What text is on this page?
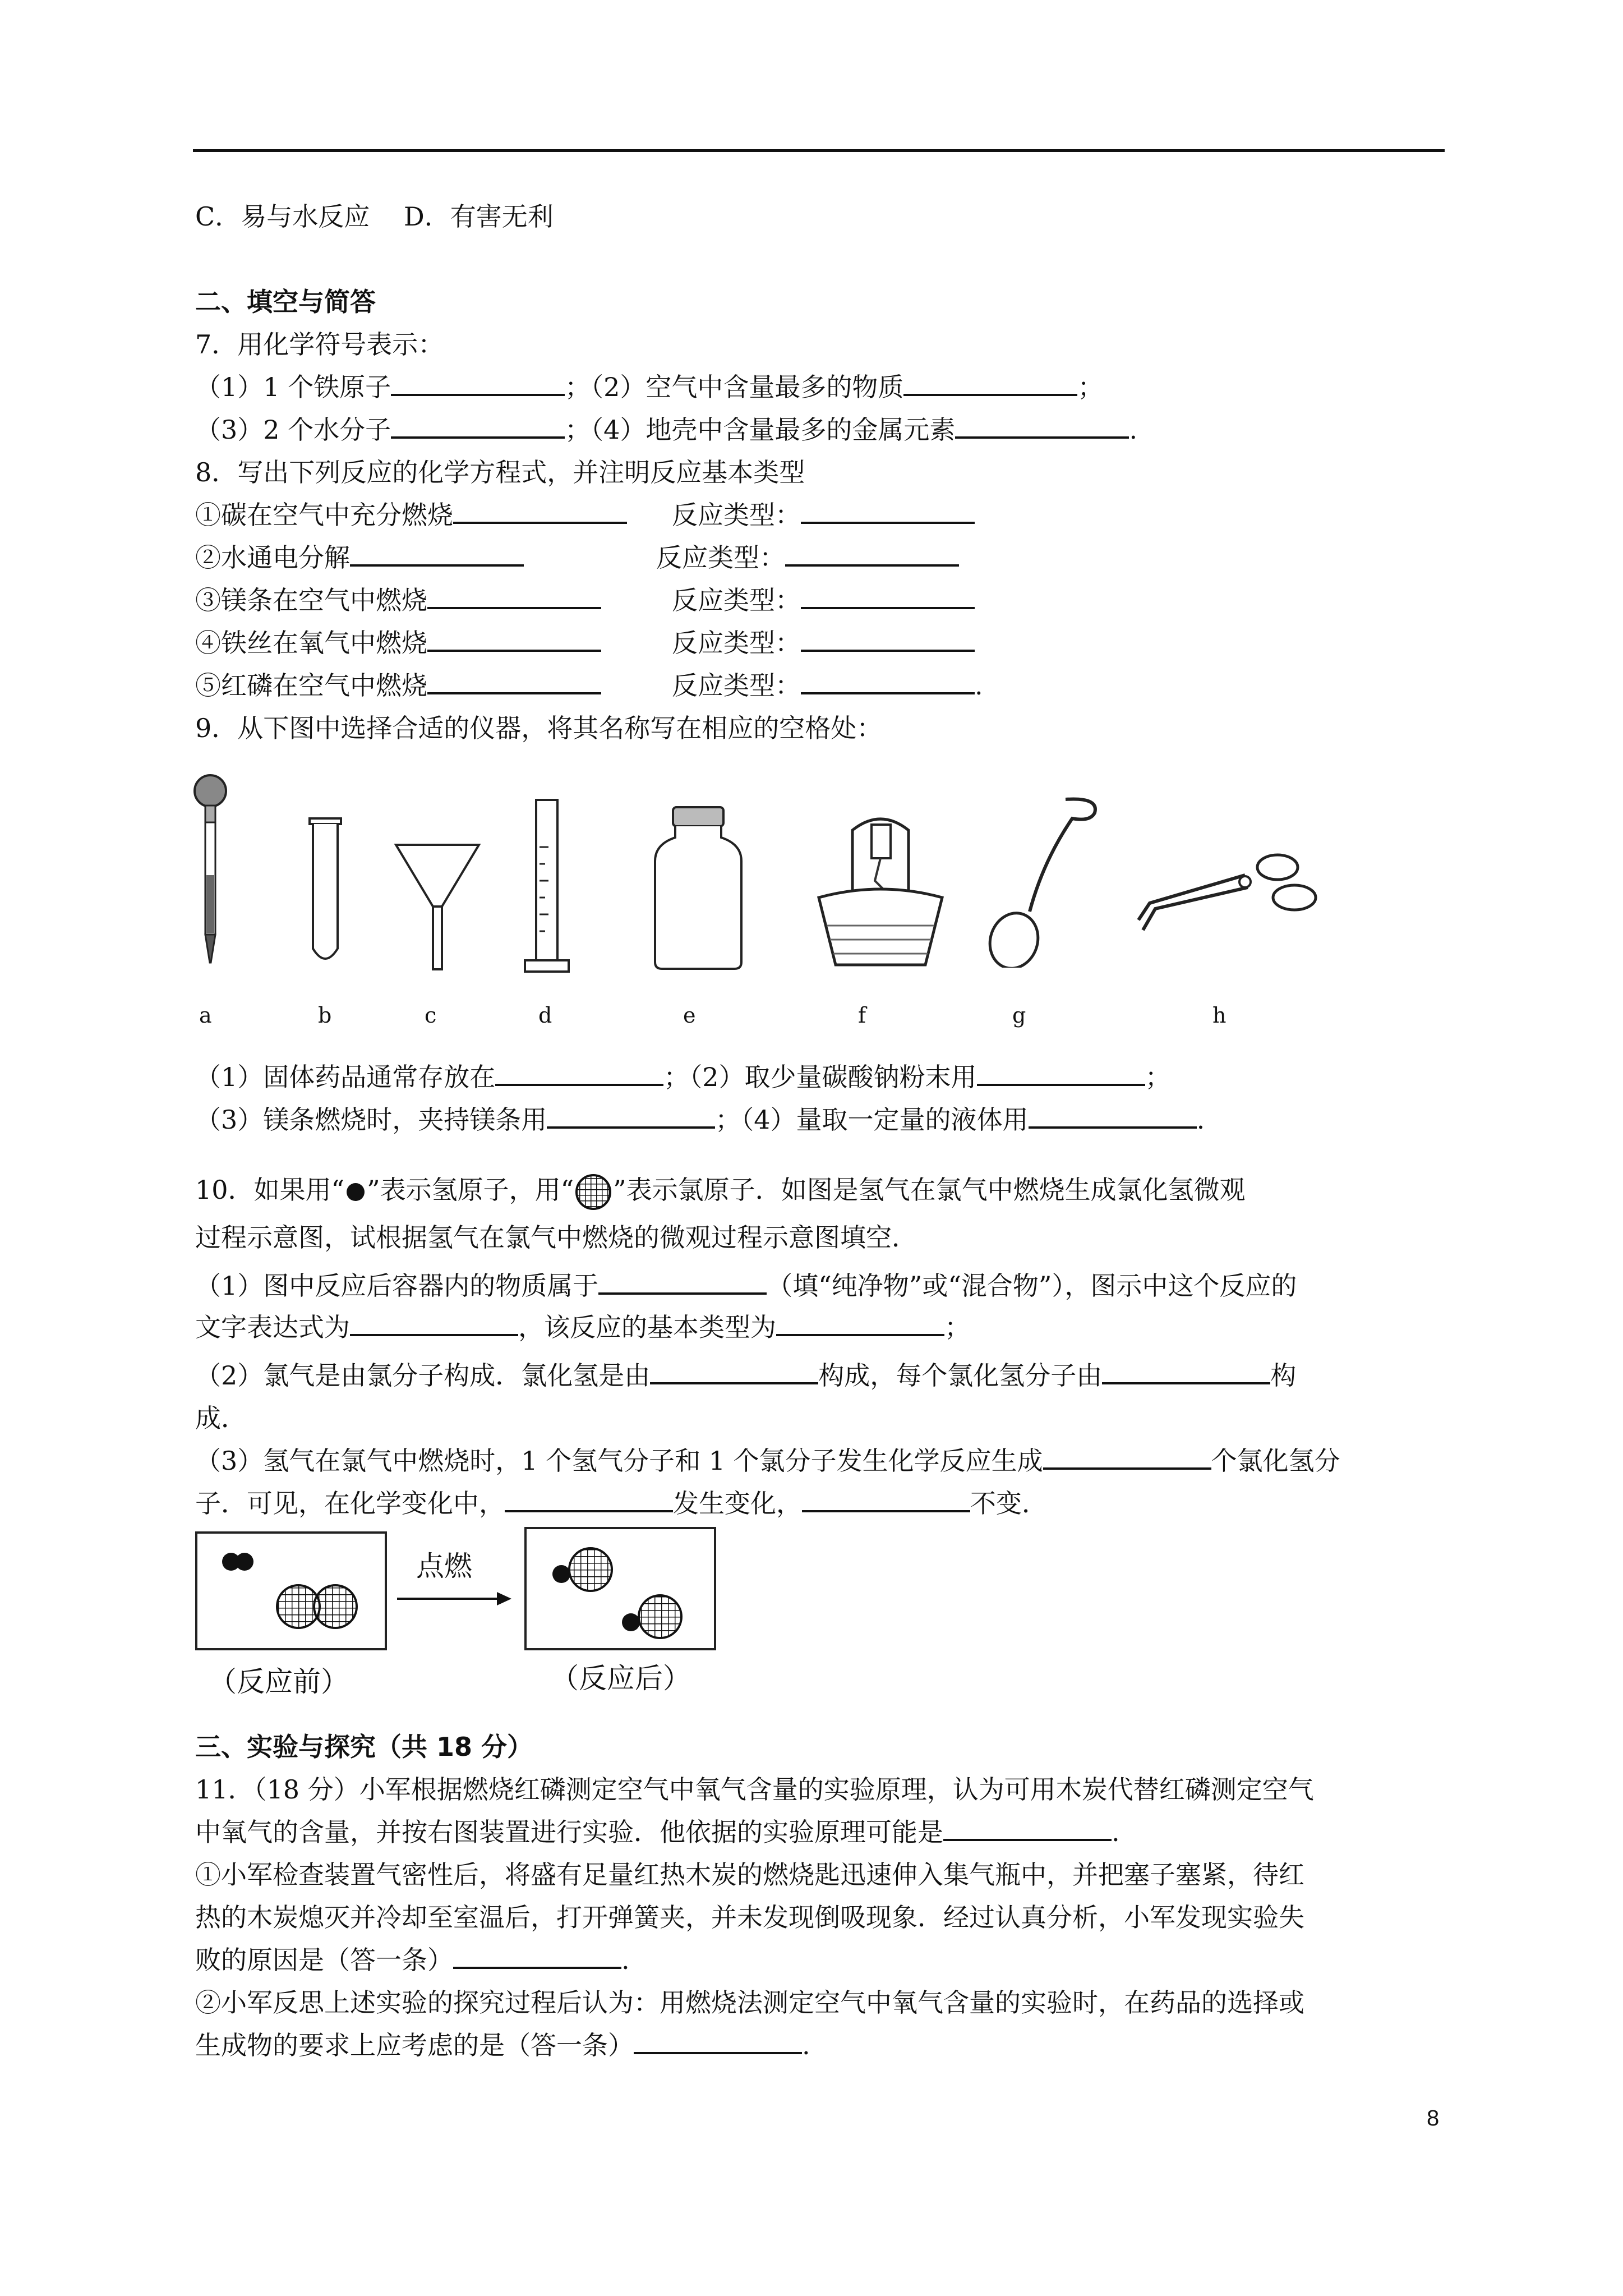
C．易与水反应　 D．有害无利
二、填空与简答
7．用化学符号表示：
（1）1 个铁原子	；（2）空气中含量最多的物质	；
（3）2 个水分子	；（4）地壳中含量最多的金属元素	.
8．写出下列反应的化学方程式，并注明反应基本类型
①碳在空气中充分燃烧	反应类型：
②水通电分解	反应类型：
③镁条在空气中燃烧	反应类型：
④铁丝在氧气中燃烧	反应类型：
⑤红磷在空气中燃烧	反应类型：	.
9．从下图中选择合适的仪器，将其名称写在相应的空格处：
a	b	c	d	e	f	g	h
（1）固体药品通常存放在	；（2）取少量碳酸钠粉末用	；
（3）镁条燃烧时，夹持镁条用	；（4）量取一定量的液体用	.
10．如果用“ ”表示氢原子，用“ ”表示氯原子．如图是氢气在氯气中燃烧生成氯化氢微观
过程示意图，试根据氢气在氯气中燃烧的微观过程示意图填空．
（1）图中反应后容器内的物质属于	（填“纯净物”或“混合物”），图示中这个反应的
文字表达式为	，该反应的基本类型为	；
（2）氯气是由氯分子构成．氯化氢是由	构成，每个氯化氢分子由	构
成．
（3）氢气在氯气中燃烧时，1 个氢气分子和 1 个氯分子发生化学反应生成	个氯化氢分
子．可见，在化学变化中，	发生变化，	不变．
点燃
（反应前）	（反应后）
三、实验与探究（共 18 分）
11．（18 分）小军根据燃烧红磷测定空气中氧气含量的实验原理，认为可用木炭代替红磷测定空气
中氧气的含量，并按右图装置进行实验．他依据的实验原理可能是	.
①小军检查装置气密性后，将盛有足量红热木炭的燃烧匙迅速伸入集气瓶中，并把塞子塞紧，待红
热的木炭熄灭并冷却至室温后，打开弹簧夹，并未发现倒吸现象．经过认真分析，小军发现实验失
败的原因是（答一条）	.
②小军反思上述实验的探究过程后认为：用燃烧法测定空气中氧气含量的实验时，在药品的选择或
生成物的要求上应考虑的是（答一条）	.
8
